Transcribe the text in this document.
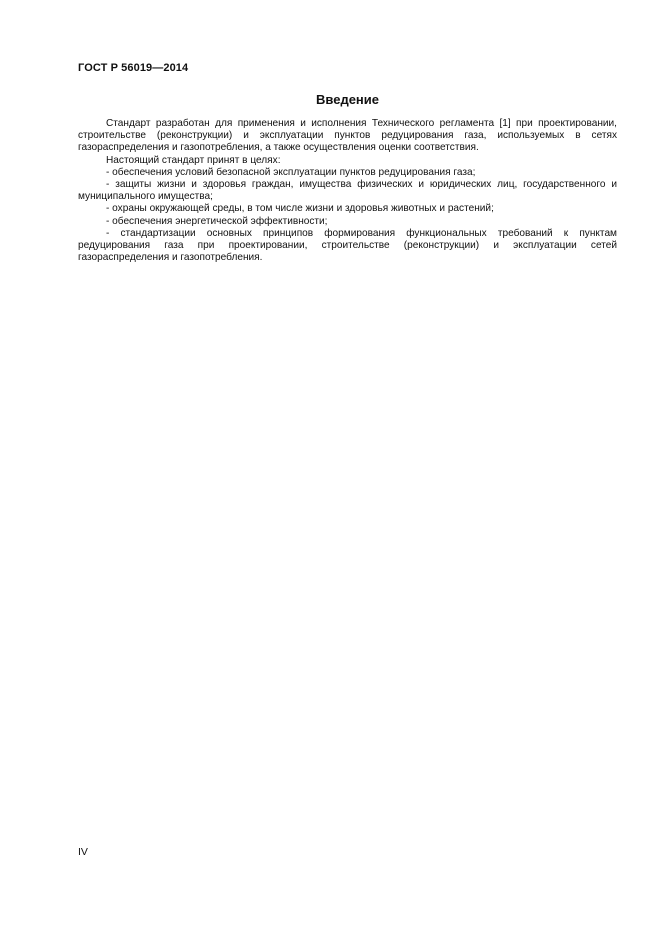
ГОСТ Р 56019—2014
Введение

Стандарт разработан для применения и исполнения Технического регламента [1] при проектировании, строительстве (реконструкции) и эксплуатации пунктов редуцирования газа, используемых в сетях газораспределения и газопотребления, а также осуществления оценки соответствия.

Настоящий стандарт принят в целях:

- обеспечения условий безопасной эксплуатации пунктов редуцирования газа;

- защиты жизни и здоровья граждан, имущества физических и юридических лиц, государственного и муниципального имущества;

- охраны окружающей среды, в том числе жизни и здоровья животных и растений;

- обеспечения энергетической эффективности;

- стандартизации основных принципов формирования функциональных требований к пунктам редуцирования газа при проектировании, строительстве (реконструкции) и эксплуатации сетей газораспределения и газопотребления.

IV
